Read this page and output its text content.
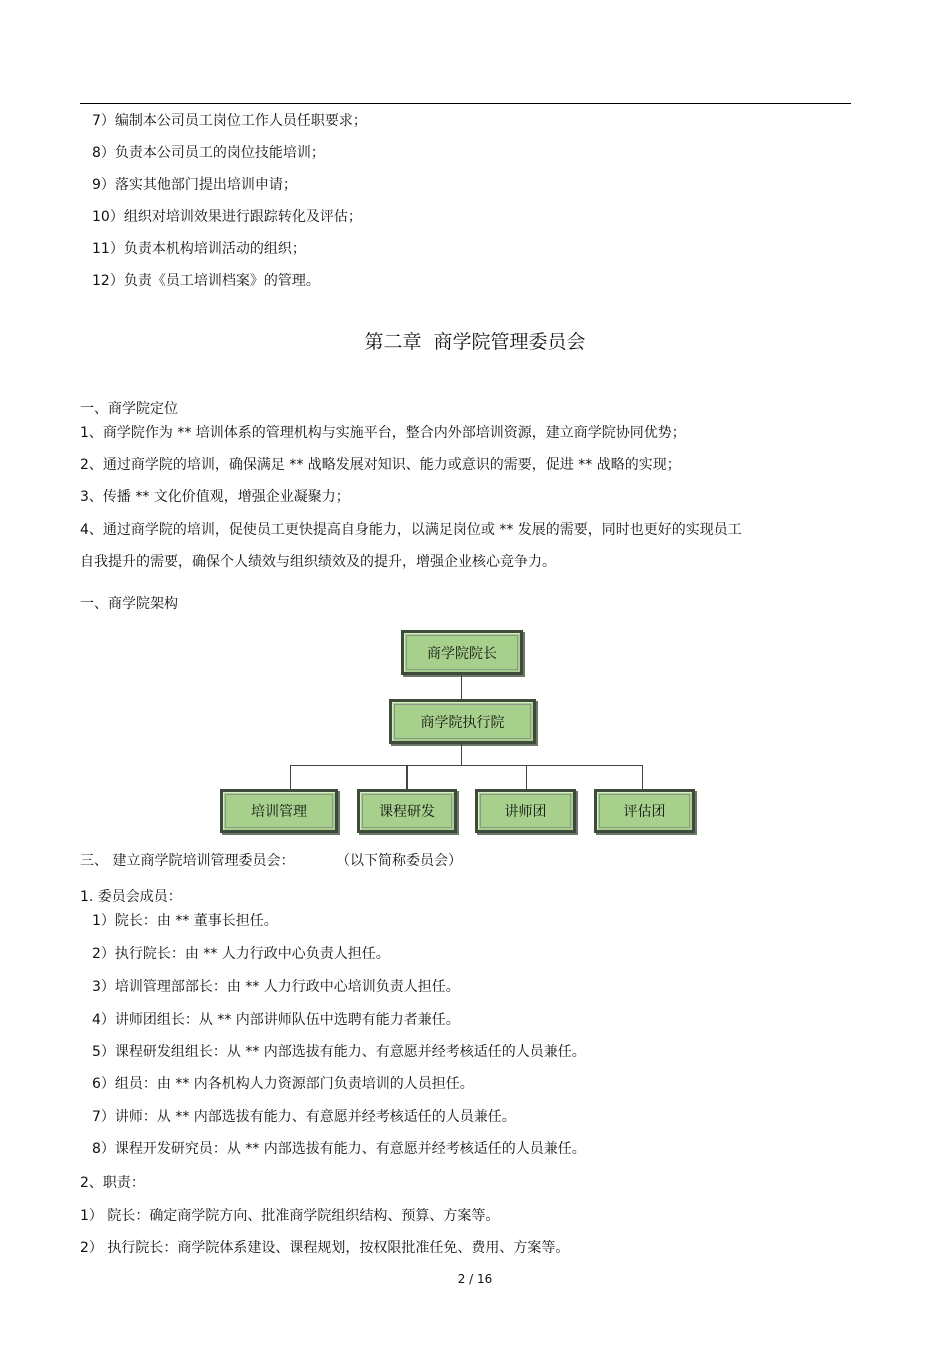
7）编制本公司员工岗位工作人员任职要求；
8）负责本公司员工的岗位技能培训；
9）落实其他部门提出培训申请；
10）组织对培训效果进行跟踪转化及评估；
11）负责本机构培训活动的组织；
12）负责《员工培训档案》的管理。
第二章 商学院管理委员会
一、商学院定位
1、商学院作为 ** 培训体系的管理机构与实施平台，整合内外部培训资源，建立商学院协同优势；
2、通过商学院的培训，确保满足 ** 战略发展对知识、能力或意识的需要，促进 ** 战略的实现；
3、传播 ** 文化价值观，增强企业凝聚力；
4、通过商学院的培训，促使员工更快提高自身能力，以满足岗位或 ** 发展的需要，同时也更好的实现员工
自我提升的需要，确保个人绩效与组织绩效及的提升，增强企业核心竞争力。
一、商学院架构
商学院院长
商学院执行院
培训管理	课程研发	讲师团	评估团
三、 建立商学院培训管理委员会：	（以下简称委员会）
1. 委员会成员：
1）院长：由 ** 董事长担任。
2）执行院长：由 ** 人力行政中心负责人担任。
3）培训管理部部长：由 ** 人力行政中心培训负责人担任。
4）讲师团组长：从 ** 内部讲师队伍中选聘有能力者兼任。
5）课程研发组组长：从 ** 内部选拔有能力、有意愿并经考核适任的人员兼任。
6）组员：由 ** 内各机构人力资源部门负责培训的人员担任。
7）讲师：从 ** 内部选拔有能力、有意愿并经考核适任的人员兼任。
8）课程开发研究员：从 ** 内部选拔有能力、有意愿并经考核适任的人员兼任。
2、职责：
1） 院长：确定商学院方向、批准商学院组织结构、预算、方案等。
2） 执行院长：商学院体系建设、课程规划，按权限批准任免、费用、方案等。
2 / 16
